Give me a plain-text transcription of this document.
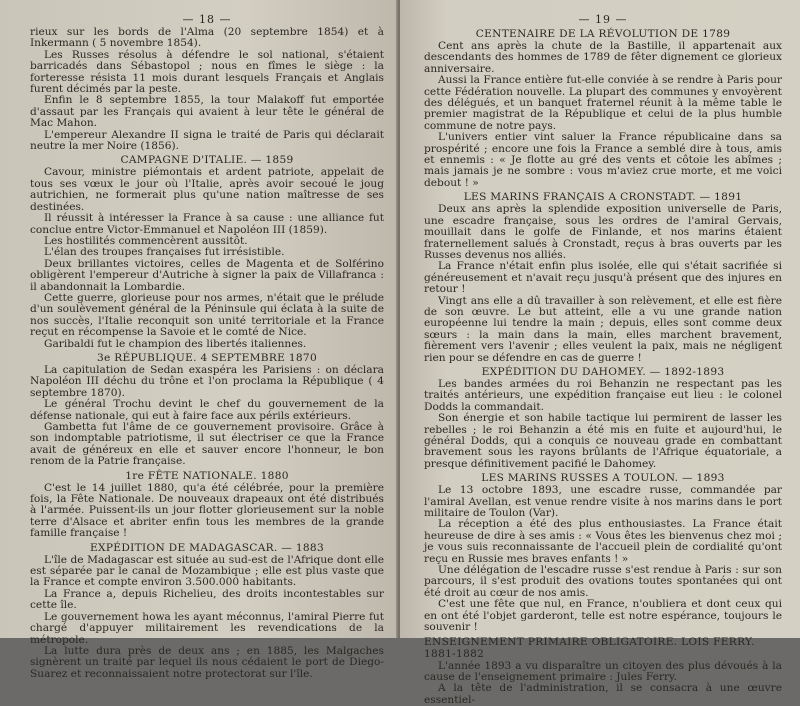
— 18 —

rieux sur les bords de l'Alma (20 septembre 1854) et à Inkermann ( 5 novembre 1854).

Les Russes résolus à défendre le sol national, s'étaient barricadés dans Sébastopol ; nous en fîmes le siège : la forteresse résista 11 mois durant lesquels Français et Anglais furent décimés par la peste.

Enfin le 8 septembre 1855, la tour Malakoff fut emportée d'assaut par les Français qui avaient à leur tête le général de Mac Mahon.

L'empereur Alexandre II signa le traité de Paris qui déclarait neutre la mer Noire (1856).

CAMPAGNE D'ITALIE. — 1859

Cavour, ministre piémontais et ardent patriote, appelait de tous ses vœux le jour où l'Italie, après avoir secoué le joug autrichien, ne formerait plus qu'une nation maîtresse de ses destinées.

Il réussit à intéresser la France à sa cause : une alliance fut conclue entre Victor-Emmanuel et Napoléon III (1859).

Les hostilités commencèrent aussitôt.

L'élan des troupes françaises fut irrésistible.

Deux brillantes victoires, celles de Magenta et de Solférino obligèrent l'empereur d'Autriche à signer la paix de Villafranca : il abandonnait la Lombardie.

Cette guerre, glorieuse pour nos armes, n'était que le prélude d'un soulèvement général de la Péninsule qui éclata à la suite de nos succès, l'Italie reconquit son unité territoriale et la France reçut en récompense la Savoie et le comté de Nice.

Garibaldi fut le champion des libertés italiennes.

3e RÉPUBLIQUE. 4 SEPTEMBRE 1870

La capitulation de Sedan exaspéra les Parisiens : on déclara Napoléon III déchu du trône et l'on proclama la République ( 4 septembre 1870).

Le général Trochu devint le chef du gouvernement de la défense nationale, qui eut à faire face aux périls extérieurs.

Gambetta fut l'âme de ce gouvernement provisoire. Grâce à son indomptable patriotisme, il sut électriser ce que la France avait de généreux en elle et sauver encore l'honneur, le bon renom de la Patrie française.

1re FÊTE NATIONALE. 1880

C'est le 14 juillet 1880, qu'a été célébrée, pour la première fois, la Fête Nationale. De nouveaux drapeaux ont été distribués à l'armée. Puissent-ils un jour flotter glorieusement sur la noble terre d'Alsace et abriter enfin tous les membres de la grande famille française !

EXPÉDITION DE MADAGASCAR. — 1883

L'île de Madagascar est située au sud-est de l'Afrique dont elle est séparée par le canal de Mozambique ; elle est plus vaste que la France et compte environ 3.500.000 habitants.

La France a, depuis Richelieu, des droits incontestables sur cette île.

Le gouvernement howa les ayant méconnus, l'amiral Pierre fut chargé d'appuyer militairement les revendications de la métropole.

La lutte dura près de deux ans ; en 1885, les Malgaches signèrent un traité par lequel ils nous cédaient le port de Diego-Suarez et reconnaissaient notre protectorat sur l'île.

— 19 —
CENTENAIRE DE LA RÉVOLUTION DE 1789

Cent ans après la chute de la Bastille, il appartenait aux descendants des hommes de 1789 de fêter dignement ce glorieux anniversaire.

Aussi la France entière fut-elle conviée à se rendre à Paris pour cette Fédération nouvelle. La plupart des communes y envoyèrent des délégués, et un banquet fraternel réunit à la même table le premier magistrat de la République et celui de la plus humble commune de notre pays.

L'univers entier vint saluer la France républicaine dans sa prospérité ; encore une fois la France a semblé dire à tous, amis et ennemis : « Je flotte au gré des vents et côtoie les abîmes ; mais jamais je ne sombre : vous m'aviez crue morte, et me voici debout ! »

LES MARINS FRANÇAIS A CRONSTADT. — 1891

Deux ans après la splendide exposition universelle de Paris, une escadre française, sous les ordres de l'amiral Gervais, mouillait dans le golfe de Finlande, et nos marins étaient fraternellement salués à Cronstadt, reçus à bras ouverts par les Russes devenus nos alliés.

La France n'était enfin plus isolée, elle qui s'était sacrifiée si généreusement et n'avait reçu jusqu'à présent que des injures en retour !

Vingt ans elle a dû travailler à son relèvement, et elle est fière de son œuvre. Le but atteint, elle a vu une grande nation européenne lui tendre la main ; depuis, elles sont comme deux sœurs : la main dans la main, elles marchent bravement, fièrement vers l'avenir ; elles veulent la paix, mais ne négligent rien pour se défendre en cas de guerre !

EXPÉDITION DU DAHOMEY. — 1892-1893

Les bandes armées du roi Behanzin ne respectant pas les traités antérieurs, une expédition française eut lieu : le colonel Dodds la commandait.

Son énergie et son habile tactique lui permirent de lasser les rebelles ; le roi Behanzin a été mis en fuite et aujourd'hui, le général Dodds, qui a conquis ce nouveau grade en combattant bravement sous les rayons brûlants de l'Afrique équatoriale, a presque définitivement pacifié le Dahomey.

LES MARINS RUSSES A TOULON. — 1893

Le 13 octobre 1893, une escadre russe, commandée par l'amiral Avellan, est venue rendre visite à nos marins dans le port militaire de Toulon (Var).

La réception a été des plus enthousiastes. La France était heureuse de dire à ses amis : « Vous êtes les bienvenus chez moi ; je vous suis reconnaissante de l'accueil plein de cordialité qu'ont reçu en Russie mes braves enfants ! »

Une délégation de l'escadre russe s'est rendue à Paris : sur son parcours, il s'est produit des ovations toutes spontanées qui ont été droit au cœur de nos amis.

C'est une fête que nul, en France, n'oubliera et dont ceux qui en ont été l'objet garderont, telle est notre espérance, toujours le souvenir !

ENSEIGNEMENT PRIMAIRE OBLIGATOIRE. LOIS FERRY. 1881-1882

L'année 1893 a vu disparaître un citoyen des plus dévoués à la cause de l'enseignement primaire : Jules Ferry.

A la tête de l'administration, il se consacra à une œuvre essentiel-
